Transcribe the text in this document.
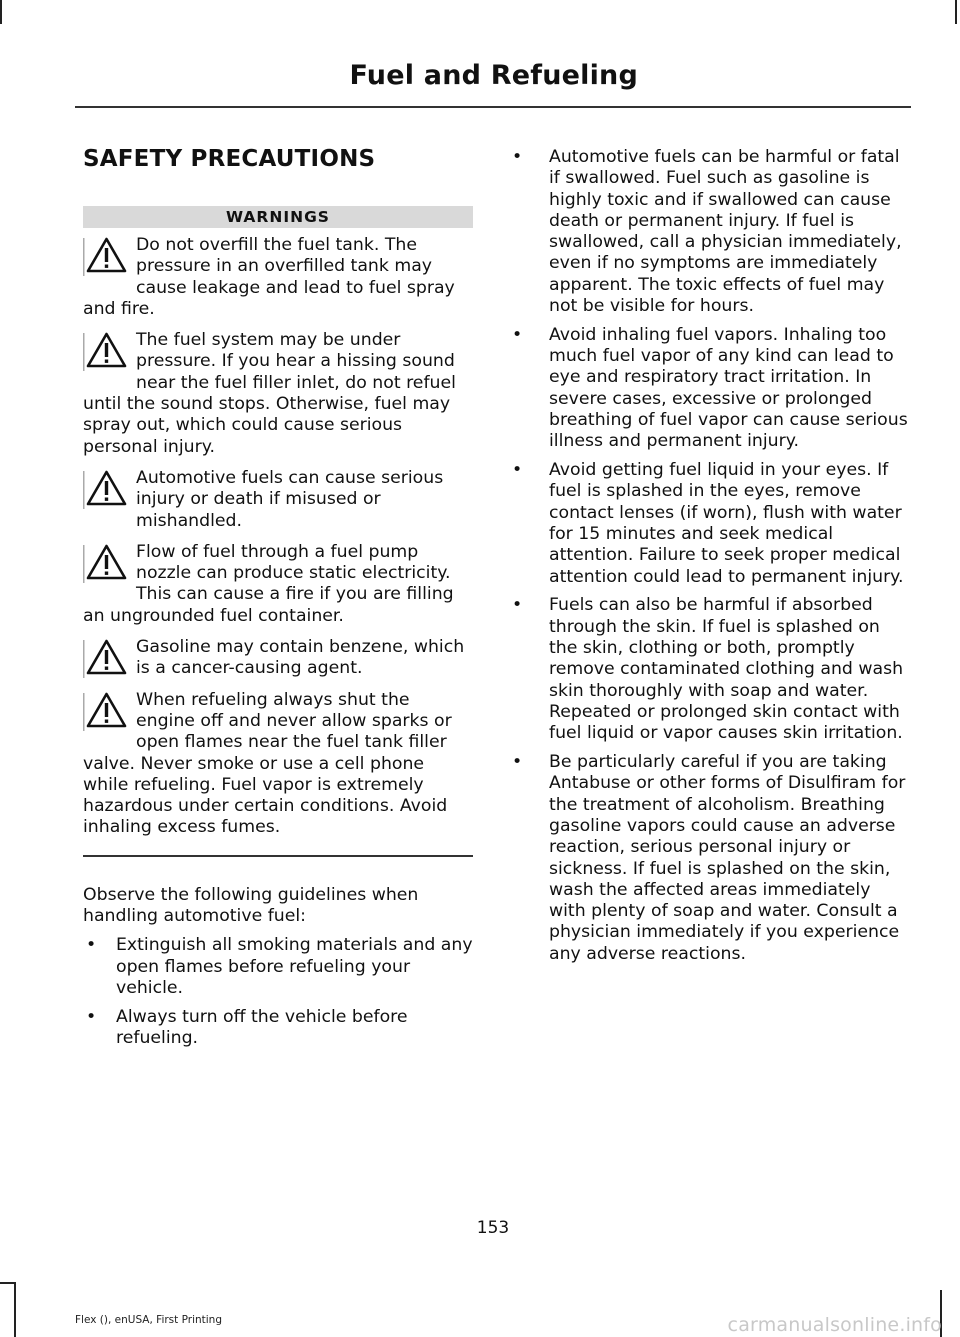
Fuel and Refueling
SAFETY PRECAUTIONS
WARNINGS
Do not overfill the fuel tank. The pressure in an overfilled tank may cause leakage and lead to fuel spray and fire.
The fuel system may be under pressure. If you hear a hissing sound near the fuel filler inlet, do not refuel until the sound stops. Otherwise, fuel may spray out, which could cause serious personal injury.
Automotive fuels can cause serious injury or death if misused or mishandled.
Flow of fuel through a fuel pump nozzle can produce static electricity. This can cause a fire if you are filling an ungrounded fuel container.
Gasoline may contain benzene, which is a cancer-causing agent.
When refueling always shut the engine off and never allow sparks or open flames near the fuel tank filler valve. Never smoke or use a cell phone while refueling. Fuel vapor is extremely hazardous under certain conditions. Avoid inhaling excess fumes.

Observe the following guidelines when handling automotive fuel:

• Extinguish all smoking materials and any open flames before refueling your vehicle.
• Always turn off the vehicle before refueling.
• Automotive fuels can be harmful or fatal if swallowed. Fuel such as gasoline is highly toxic and if swallowed can cause death or permanent injury. If fuel is swallowed, call a physician immediately, even if no symptoms are immediately apparent. The toxic effects of fuel may not be visible for hours.
• Avoid inhaling fuel vapors. Inhaling too much fuel vapor of any kind can lead to eye and respiratory tract irritation. In severe cases, excessive or prolonged breathing of fuel vapor can cause serious illness and permanent injury.
• Avoid getting fuel liquid in your eyes. If fuel is splashed in the eyes, remove contact lenses (if worn), flush with water for 15 minutes and seek medical attention. Failure to seek proper medical attention could lead to permanent injury.
• Fuels can also be harmful if absorbed through the skin. If fuel is splashed on the skin, clothing or both, promptly remove contaminated clothing and wash skin thoroughly with soap and water. Repeated or prolonged skin contact with fuel liquid or vapor causes skin irritation.
• Be particularly careful if you are taking Antabuse or other forms of Disulfiram for the treatment of alcoholism. Breathing gasoline vapors could cause an adverse reaction, serious personal injury or sickness. If fuel is splashed on the skin, wash the affected areas immediately with plenty of soap and water. Consult a physician immediately if you experience any adverse reactions.
153
Flex (), enUSA, First Printing	carmanualsonline.info
